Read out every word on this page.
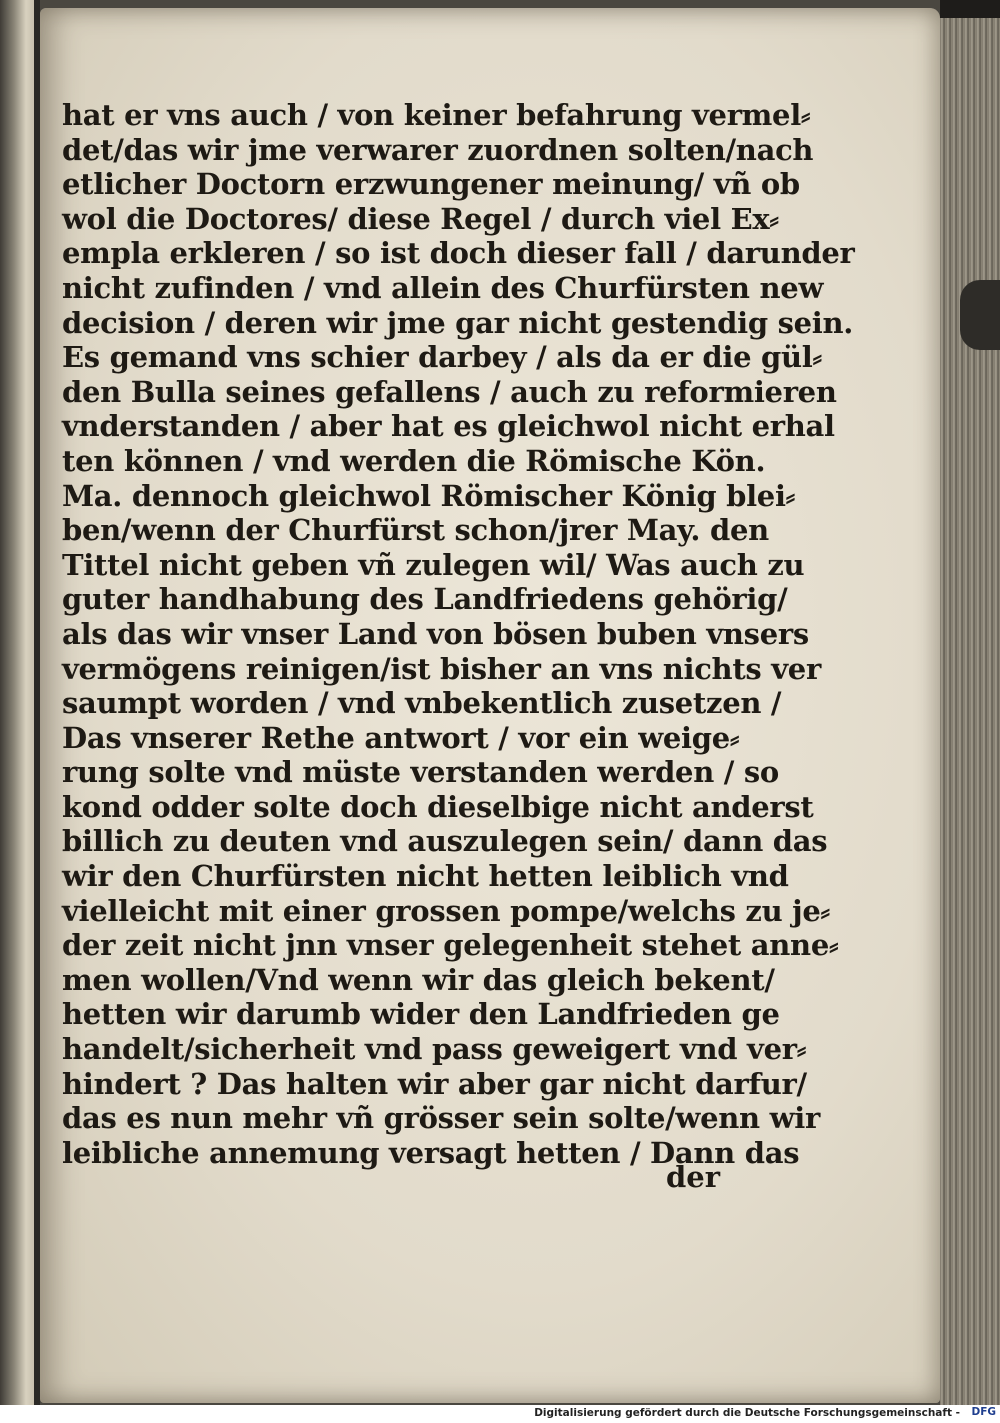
hat er vns auch / von keiner befahrung vermel⸗
det/das wir jme verwarer zuordnen solten/nach
etlicher Doctorn erzwungener meinung/ vñ ob
wol die Doctores/ diese Regel / durch viel Ex⸗
empla erkleren / so ist doch dieser fall / darunder
nicht zufinden / vnd allein des Churfürsten new
decision / deren wir jme gar nicht gestendig sein.
Es gemand vns schier darbey / als da er die gül⸗
den Bulla seines gefallens / auch zu reformieren
vnderstanden / aber hat es gleichwol nicht erhal
ten können / vnd werden die Römische Kön.
Ma. dennoch gleichwol Römischer König blei⸗
ben/wenn der Churfürst schon/jrer May. den
Tittel nicht geben vñ zulegen wil/ Was auch zu
guter handhabung des Landfriedens gehörig/
als das wir vnser Land von bösen buben vnsers
vermögens reinigen/ist bisher an vns nichts ver
saumpt worden / vnd vnbekentlich zusetzen /
Das vnserer Rethe antwort / vor ein weige⸗
rung solte vnd müste verstanden werden / so
kond odder solte doch dieselbige nicht anderst
billich zu deuten vnd auszulegen sein/ dann das
wir den Churfürsten nicht hetten leiblich vnd
vielleicht mit einer grossen pompe/welchs zu je⸗
der zeit nicht jnn vnser gelegenheit stehet anne⸗
men wollen/Vnd wenn wir das gleich bekent/
hetten wir darumb wider den Landfrieden ge
handelt/sicherheit vnd pass geweigert vnd ver⸗
hindert ? Das halten wir aber gar nicht darfur/
das es nun mehr vñ grösser sein solte/wenn wir
leibliche annemung versagt hetten / Dann das
der
Digitalisierung gefördert durch die Deutsche Forschungsgemeinschaft - DFG
